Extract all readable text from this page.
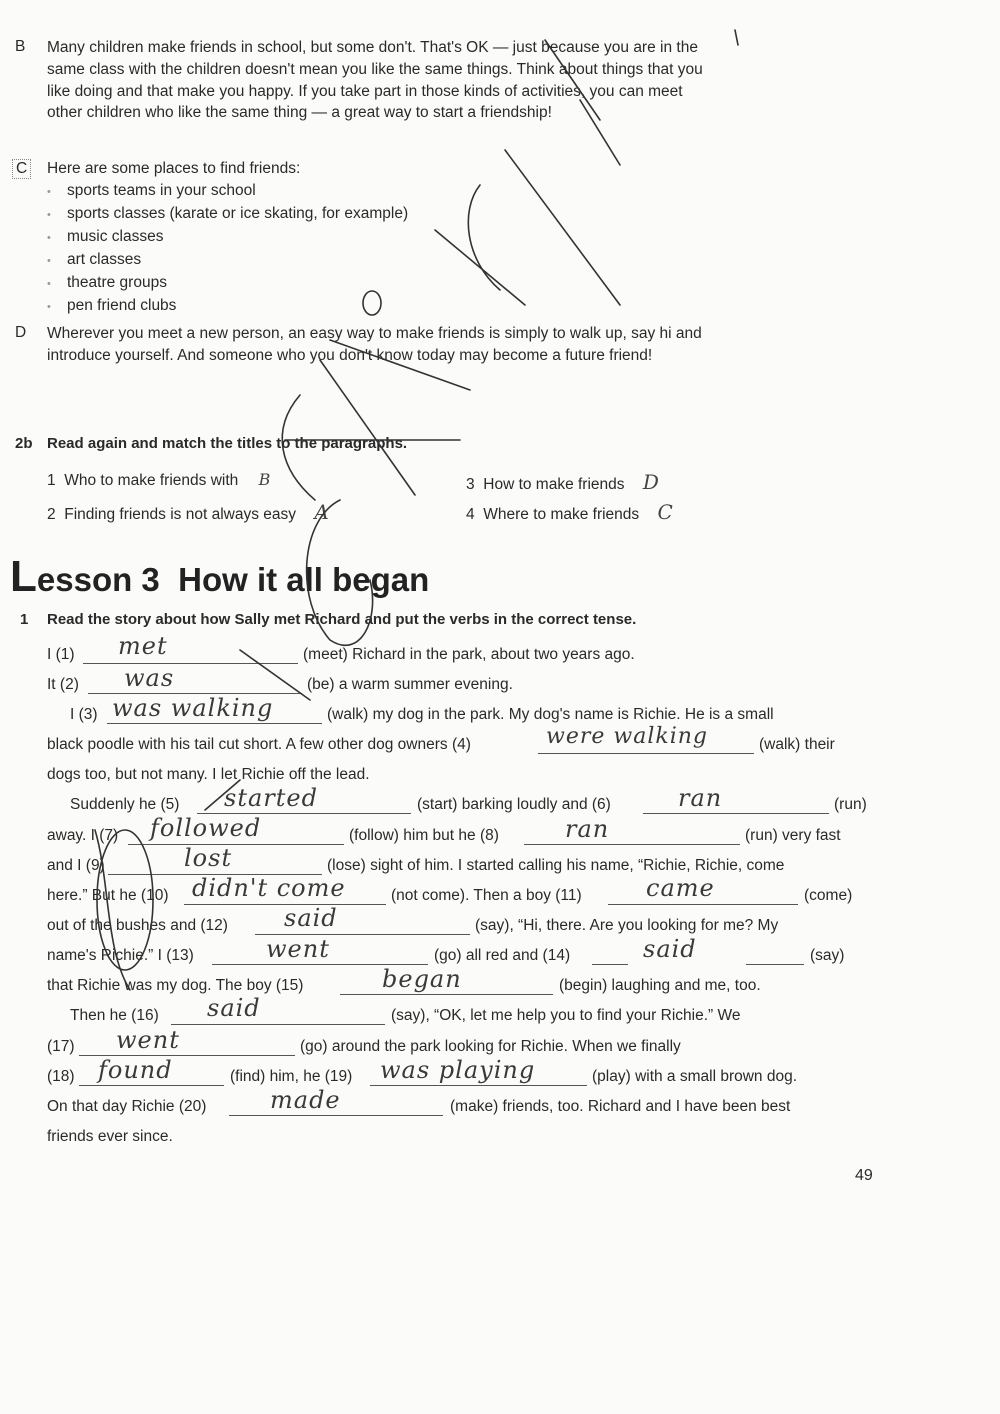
B Many children make friends in school, but some don't. That's OK — just because you are in the same class with the children doesn't mean you like the same things. Think about things that you like doing and that make you happy. If you take part in those kinds of activities, you can meet other children who like the same thing — a great way to start a friendship!
C Here are some places to find friends:
• sports teams in your school
• sports classes (karate or ice skating, for example)
• music classes
• art classes
• theatre groups
• pen friend clubs
D Wherever you meet a new person, an easy way to make friends is simply to walk up, say hi and introduce yourself. And someone who you don't know today may become a future friend!
2b Read again and match the titles to the paragraphs.
1 Who to make friends with B
2 Finding friends is not always easy A
3 How to make friends D
4 Where to make friends C
Lesson 3  How it all began
1 Read the story about how Sally met Richard and put the verbs in the correct tense.
I (1)	(meet) Richard in the park, about two years ago.
It (2)	(be) a warm summer evening.
I (3)	(walk) my dog in the park. My dog's name is Richie. He is a small
black poodle with his tail cut short. A few other dog owners (4)	(walk) their
dogs too, but not many. I let Richie off the lead.
Suddenly he (5)	(start) barking loudly and (6)	(run)
away. I (7)	(follow) him but he (8)	(run) very fast
and I (9)	(lose) sight of him. I started calling his name, “Richie, Richie, come
here.” But he (10)	(not come). Then a boy (11)	(come)
out of the bushes and (12)	(say), “Hi, there. Are you looking for me? My
name's Richie.” I (13)	(go) all red and (14)	(say)
that Richie was my dog. The boy (15)	(begin) laughing and me, too.
Then he (16)	(say), “OK, let me help you to find your Richie.” We
(17)	(go) around the park looking for Richie. When we finally
(18)	(find) him, he (19)	(play) with a small brown dog.
On that day Richie (20)	(make) friends, too. Richard and I have been best
friends ever since.
met
was
was walking
were walking
started	ran
followed	ran
lost
didn't come	came
said
went	said
began
said
went
found	was playing
made
49
